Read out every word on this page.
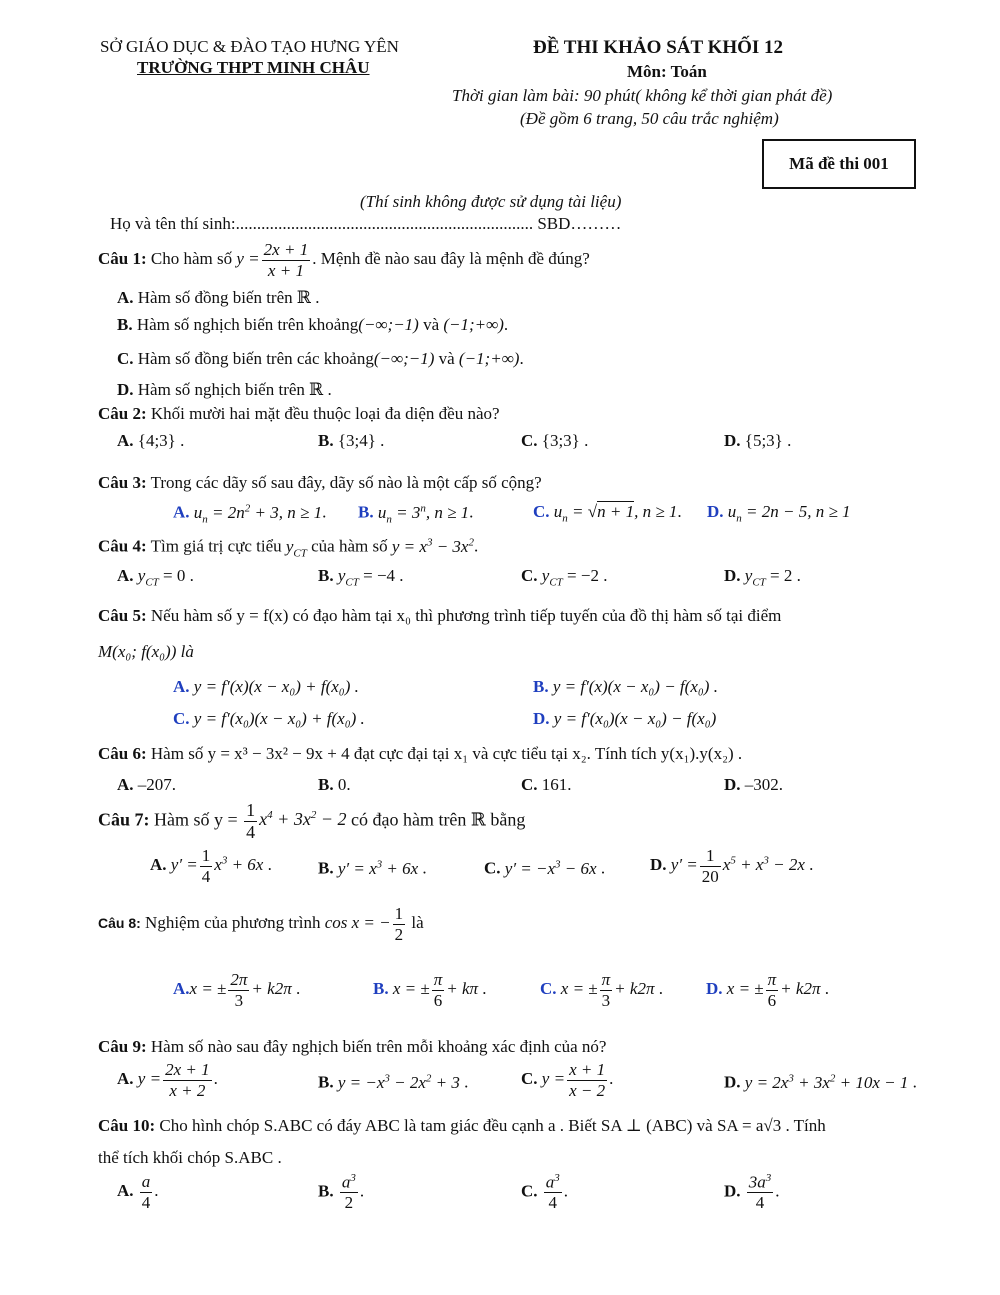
SỞ GIÁO DỤC & ĐÀO TẠO HƯNG YÊN
TRƯỜNG THPT MINH CHÂU
ĐỀ THI KHẢO SÁT KHỐI 12
Môn: Toán
Thời gian làm bài: 90 phút( không kể thời gian phát đề)
(Đề gồm 6 trang, 50 câu trắc nghiệm)
Mã đề thi 001
(Thí sinh không được sử dụng tài liệu)
Họ và tên thí sinh:...................................................................... SBD………
Câu 1: Cho hàm số $y = \frac{2x + 1}{x + 1}$ . Mệnh đề nào sau đây là mệnh đề đúng?
A. Hàm số đồng biến trên ℝ .
B. Hàm số nghịch biến trên khoảng(−∞;−1) và (−1;+∞).
C. Hàm số đồng biến trên các khoảng(−∞;−1) và (−1;+∞).
D. Hàm số nghịch biến trên ℝ .
Câu 2: Khối mười hai mặt đều thuộc loại đa diện đều nào?
A. {4;3} .	B. {3;4} .	C. {3;3} .	D. {5;3} .
Câu 3: Trong các dãy số sau đây, dãy số nào là một cấp số cộng?
A. $u_n = 2n^2 + 3$, n ≥ 1. B. $u_n = 3^n$, n ≥ 1.	C. $u_n = √n + 1$, n ≥ 1. D. $u_n = 2n - 5$, n ≥ 1
Câu 4: Tìm giá trị cực tiểu $y_{CT}$ của hàm số $y = x^3 - 3x^2$.
A. $y_{CT} = 0$ .	B. $y_{CT} = -4$ .	C. $y_{CT} = -2$ .	D. $y_{CT} = 2$ .
Câu 5: Nếu hàm số y = f(x) có đạo hàm tại x₀ thì phương trình tiếp tuyến của đồ thị hàm số tại điểm
M(x₀; f(x₀)) là
A. y = f′(x)(x − x₀) + f(x₀) .	B. y = f′(x)(x − x₀) − f(x₀) .
C. y = f′(x₀)(x − x₀) + f(x₀) .	D. y = f′(x₀)(x − x₀) − f(x₀)
Câu 6: Hàm số y = x³ − 3x² − 9x + 4 đạt cực đại tại x₁ và cực tiểu tại x₂. Tính tích y(x₁).y(x₂) .
A. –207.	B. 0.	C. 161.	D. –302.
Câu 7: Hàm số $y = \frac{1}{4} x^4 + 3x^2 - 2$ có đạo hàm trên ℝ bằng
A. $y' = \frac{1}{4} x^3 + 6x$ .	B. $y' = x^3 + 6x$ .	C. $y' = -x^3 - 6x$ .	D. $y' = \frac{1}{20} x^5 + x^3 - 2x$ .
Câu 8: Nghiệm của phương trình cos x = − $\frac{1}{2}$ là
A.x = ± $\frac{2\pi}{3} + k2\pi$ .	B. x = ± $\frac{\pi}{6} + k\pi$ .	C. x = ± $\frac{\pi}{3} + k2\pi$ .	D. x = ± $\frac{\pi}{6} + k2\pi$ .
Câu 9: Hàm số nào sau đây nghịch biến trên mỗi khoảng xác định của nó?
A. $y = \frac{2x + 1}{x + 2}$ .	B. $y = -x^3 - 2x^2 + 3$ .	C. $y = \frac{x + 1}{x - 2}$ .	D. $y = 2x^3 + 3x^2 + 10x - 1$ .
Câu 10: Cho hình chóp S.ABC có đáy ABC là tam giác đều cạnh a . Biết SA ⊥ (ABC) và SA = a√3 . Tính
thể tích khối chóp S.ABC .
A. $\frac{a}{4}$ .	B. $\frac{a^3}{2}$ .	C. $\frac{a^3}{4}$ .	D. $\frac{3a^3}{4}$ .
